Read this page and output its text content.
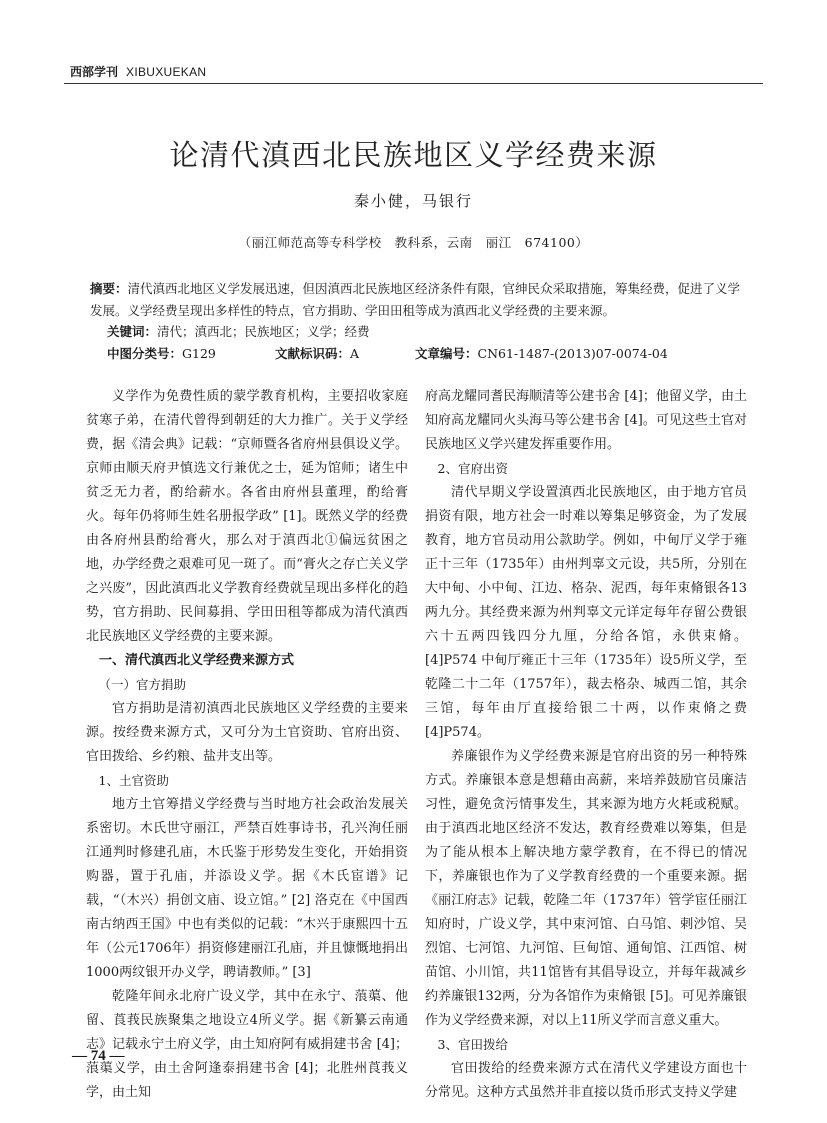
西部学刊 XIBUXUEKAN
论清代滇西北民族地区义学经费来源
秦小健，马银行
（丽江师范高等专科学校　教科系，云南　丽江　674100）
摘要：清代滇西北地区义学发展迅速，但因滇西北民族地区经济条件有限，官绅民众采取措施，筹集经费，促进了义学发展。义学经费呈现出多样性的特点，官方捐助、学田田租等成为滇西北义学经费的主要来源。
关键词：清代；滇西北；民族地区；义学；经费
中图分类号：G129	文献标识码：A	文章编号：CN61-1487-(2013)07-0074-04

义学作为免费性质的蒙学教育机构，主要招收家庭贫寒子弟，在清代曾得到朝廷的大力推广。关于义学经费，据《清会典》记载：“京师暨各省府州县俱设义学。京师由顺天府尹慎选文行兼优之士，延为馆师；诸生中贫乏无力者，酌给薪水。各省由府州县董理，酌给膏火。每年仍将师生姓名册报学政” [1]。既然义学的经费由各府州县酌给膏火，那么对于滇西北①偏远贫困之地，办学经费之艰难可见一斑了。而“膏火之存亡关义学之兴废”，因此滇西北义学教育经费就呈现出多样化的趋势，官方捐助、民间募捐、学田田租等都成为清代滇西北民族地区义学经费的主要来源。

一、清代滇西北义学经费来源方式

（一）官方捐助

官方捐助是清初滇西北民族地区义学经费的主要来源。按经费来源方式，又可分为土官资助、官府出资、官田拨给、乡约粮、盐井支出等。

1、土官资助

地方土官筹措义学经费与当时地方社会政治发展关系密切。木氏世守丽江，严禁百姓事诗书，孔兴洵任丽江通判时修建孔庙，木氏鉴于形势发生变化，开始捐资购器，置于孔庙，并添设义学。据《木氏宦谱》记载，“（木兴）捐创文庙、设立馆。” [2] 洛克在《中国西南古纳西王国》中也有类似的记载：“木兴于康熙四十五年（公元1706年）捐资修建丽江孔庙，并且慷慨地捐出1000两纹银开办义学，聘请教师。” [3]

乾隆年间永北府广设义学，其中在永宁、蒗蕖、他留、莨莪民族聚集之地设立4所义学。据《新纂云南通志》记载永宁土府义学，由土知府阿有威捐建书舍 [4]；蒗蕖义学，由土舍阿逢泰捐建书舍 [4]；北胜州莨莪义学，由土知

府高龙耀同耆民海顺清等公建书舍 [4]；他留义学，由土知府高龙耀同火头海马等公建书舍 [4]。可见这些土官对民族地区义学兴建发挥重要作用。

2、官府出资

清代早期义学设置滇西北民族地区，由于地方官员捐资有限，地方社会一时难以筹集足够资金，为了发展教育，地方官员动用公款助学。例如，中甸厅义学于雍正十三年（1735年）由州判辜文元设，共5所，分别在大中甸、小中甸、江边、格杂、泥西，每年束脩银各13两九分。其经费来源为州判辜文元详定每年存留公费银六十五两四钱四分九厘，分给各馆，永供束脩。[4]P574 中甸厅雍正十三年（1735年）设5所义学，至乾隆二十二年（1757年），裁去格杂、城西二馆，其余三馆，每年由厅直接给银二十两，以作束脩之费 [4]P574。

养廉银作为义学经费来源是官府出资的另一种特殊方式。养廉银本意是想藉由高薪，来培养鼓励官员廉洁习性，避免贪污情事发生，其来源为地方火耗或税赋。由于滇西北地区经济不发达，教育经费难以筹集，但是为了能从根本上解决地方蒙学教育，在不得已的情况下，养廉银也作为了义学教育经费的一个重要来源。据《丽江府志》记载，乾隆二年（1737年）管学宦任丽江知府时，广设义学，其中束河馆、白马馆、剌沙馆、吴烈馆、七河馆、九河馆、巨甸馆、通甸馆、江西馆、树苗馆、小川馆，共11馆皆有其倡导设立，并每年裁减乡约养廉银132两，分为各馆作为束脩银 [5]。可见养廉银作为义学经费来源，对以上11所义学而言意义重大。

3、官田拨给

官田拨给的经费来源方式在清代义学建设方面也十分常见。这种方式虽然并非直接以货币形式支持义学建

— 74 —
